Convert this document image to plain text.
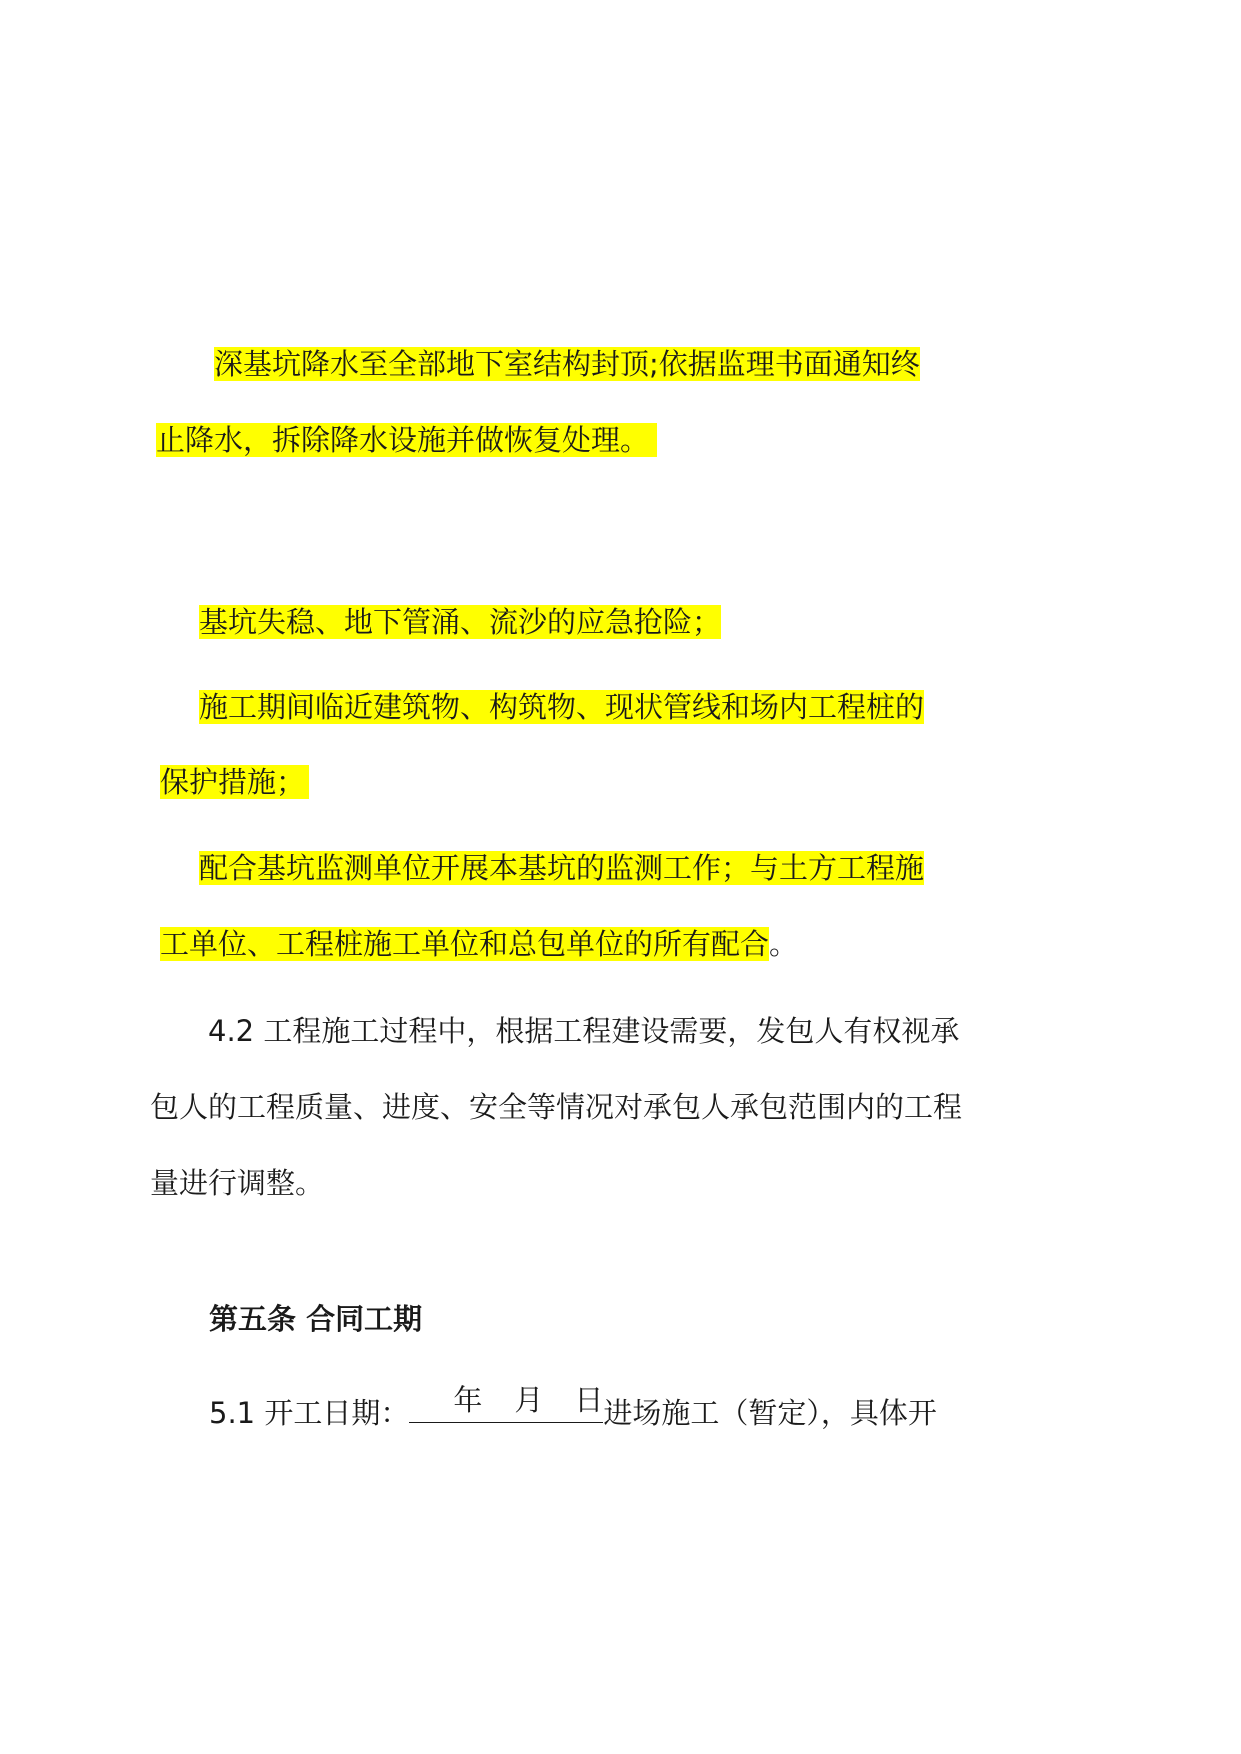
深基坑降水至全部地下室结构封顶;依据监理书面通知终

止降水，拆除降水设施并做恢复处理。

基坑失稳、地下管涌、流沙的应急抢险；

施工期间临近建筑物、构筑物、现状管线和场内工程桩的

保护措施；

配合基坑监测单位开展本基坑的监测工作；与土方工程施

工单位、工程桩施工单位和总包单位的所有配合。

4.2 工程施工过程中，根据工程建设需要，发包人有权视承

包人的工程质量、进度、安全等情况对承包人承包范围内的工程

量进行调整。

第五条 合同工期

5.1 开工日期： 年 月 日 进场施工（暂定），具体开
